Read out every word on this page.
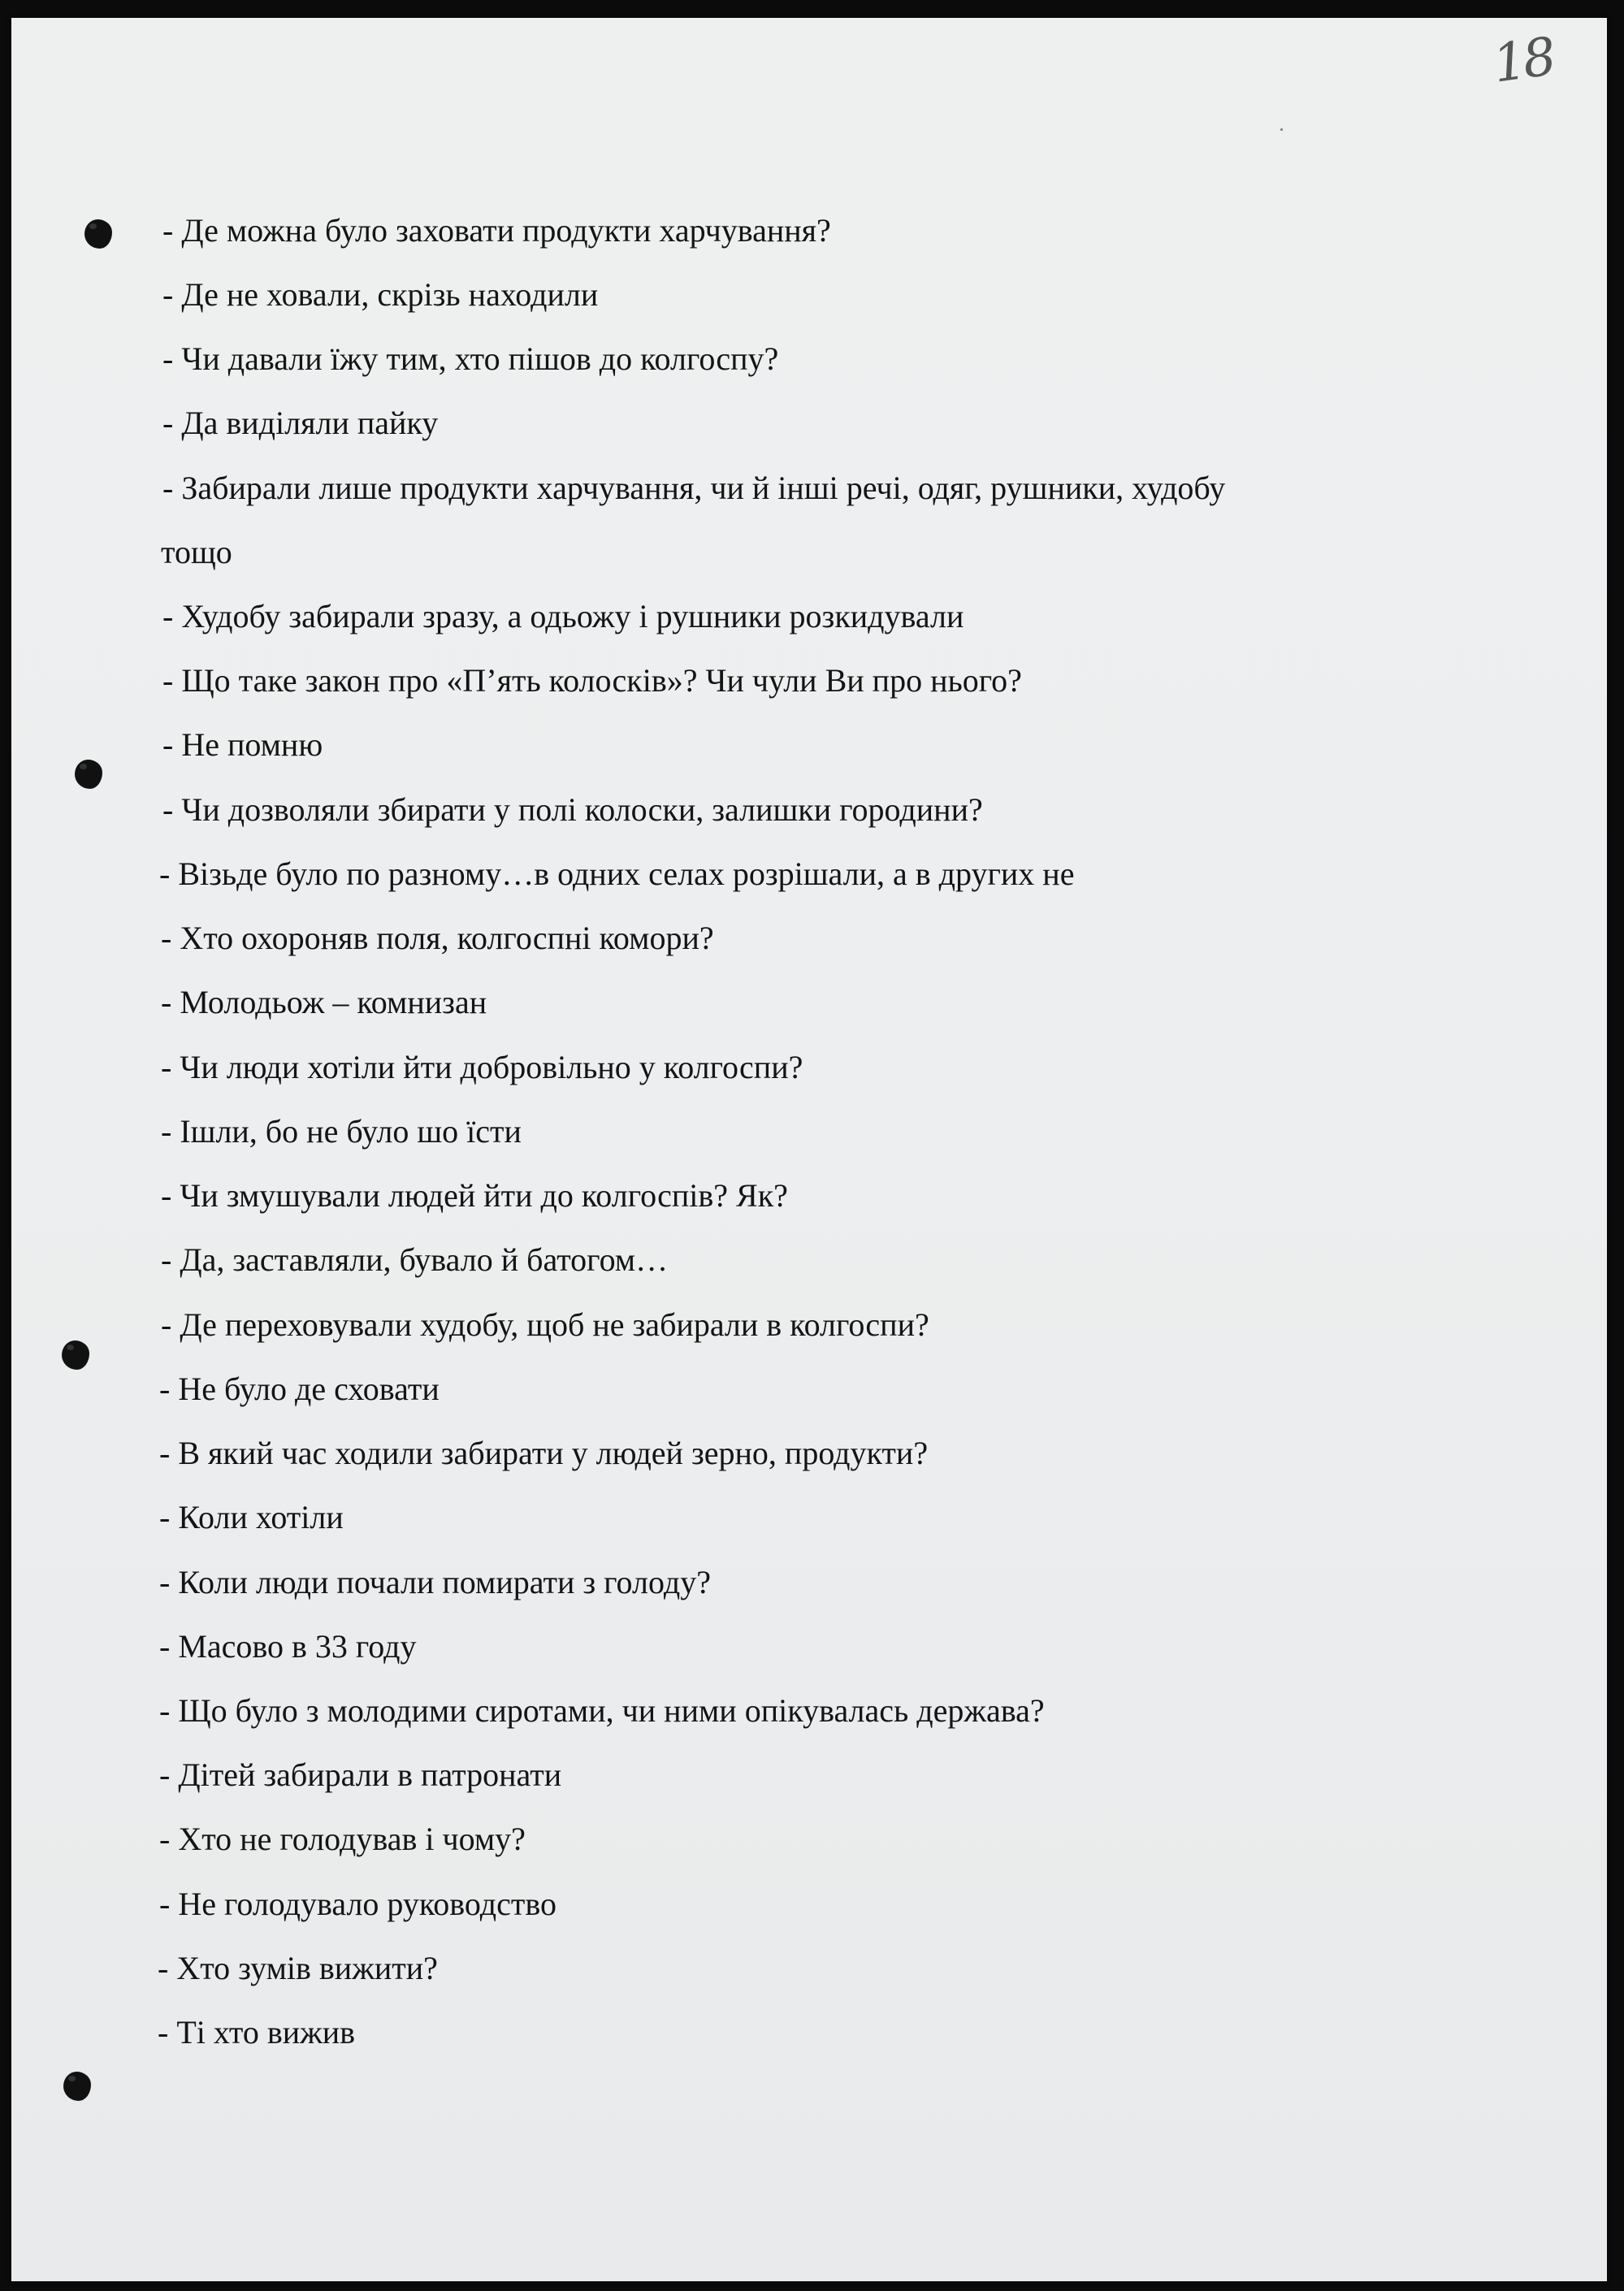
18
- Де можна було заховати продукти харчування?
- Де не ховали, скрізь находили
- Чи давали їжу тим, хто пішов до колгоспу?
- Да виділяли пайку
- Забирали лише продукти харчування, чи й інші речі, одяг, рушники, худобу
тощо
- Худобу забирали зразу, а одьожу і рушники розкидували
- Що таке закон про «П’ять колосків»? Чи чули Ви про нього?
- Не помню
- Чи дозволяли збирати у полі колоски, залишки городини?
- Візьде було по разному…в одних селах розрішали, а в других не
- Хто охороняв поля, колгоспні комори?
- Молодьож – комнизан
- Чи люди хотіли йти добровільно у колгоспи?
- Ішли, бо не було шо їсти
- Чи змушували людей йти до колгоспів? Як?
- Да, заставляли, бувало й батогом…
- Де переховували худобу, щоб не забирали в колгоспи?
- Не було де сховати
- В який час ходили забирати у людей зерно, продукти?
- Коли хотіли
- Коли люди почали помирати з голоду?
- Масово в 33 году
- Що було з молодими сиротами, чи ними опікувалась держава?
- Дітей забирали в патронати
- Хто не голодував і чому?
- Не голодувало руководство
- Хто зумів вижити?
- Ті хто вижив
